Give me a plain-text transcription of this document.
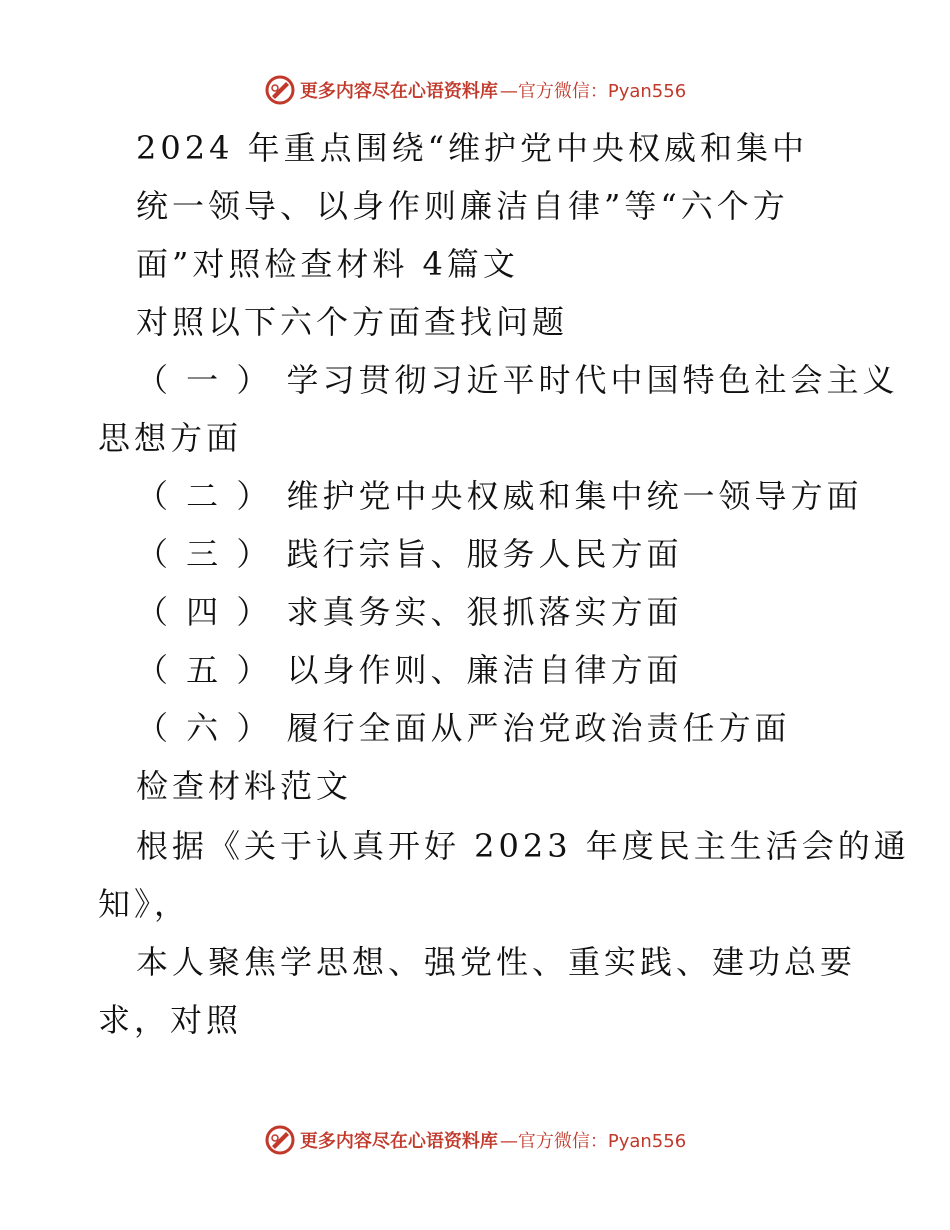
更多内容尽在心语资料库 —官方微信：Pyan556
2024 年重点围绕“维护党中央权威和集中
统一领导、以身作则廉洁自律”等“六个方
面”对照检查材料 4篇文
对照以下六个方面查找问题
（ 一 ） 学习贯彻习近平时代中国特色社会主义
思想方面
（ 二 ） 维护党中央权威和集中统一领导方面
（ 三 ） 践行宗旨、服务人民方面
（ 四 ） 求真务实、狠抓落实方面
（ 五 ） 以身作则、廉洁自律方面
（ 六 ） 履行全面从严治党政治责任方面
检查材料范文
根据《关于认真开好 2023 年度民主生活会的通
知》，
本人聚焦学思想、强党性、重实践、建功总要
求，对照
更多内容尽在心语资料库 —官方微信：Pyan556
